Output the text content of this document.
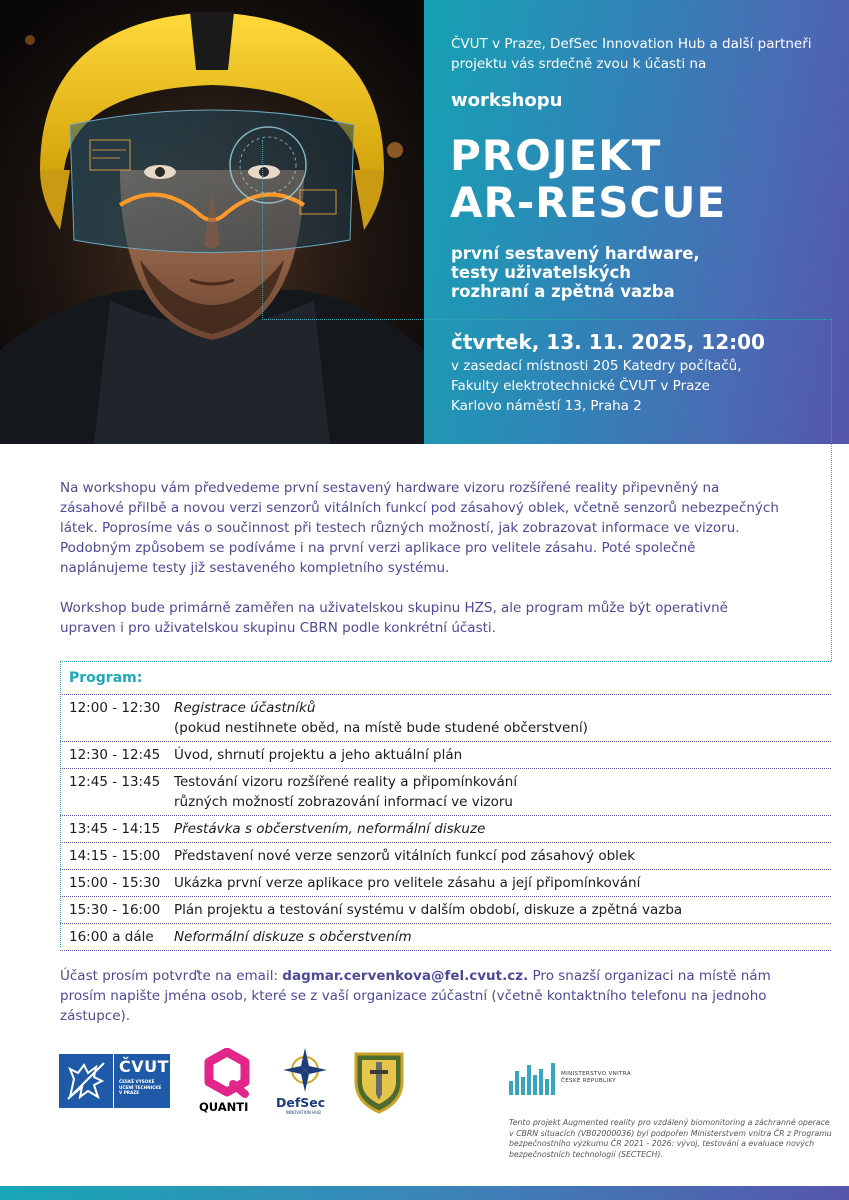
ČVUT v Praze, DefSec Innovation Hub a další partneři projektu vás srdečně zvou k účasti na
workshopu
PROJEKT
AR-RESCUE
první sestavený hardware,
testy uživatelských
rozhraní a zpětná vazba
čtvrtek, 13. 11. 2025, 12:00
v zasedací místnosti 205 Katedry počítačů,
Fakulty elektrotechnické ČVUT v Praze
Karlovo náměstí 13, Praha 2

Na workshopu vám předvedeme první sestavený hardware vizoru rozšířené reality připevněný na zásahové přilbě a novou verzi senzorů vitálních funkcí pod zásahový oblek, včetně senzorů nebezpečných látek. Poprosíme vás o součinnost při testech různých možností, jak zobrazovat informace ve vizoru. Podobným způsobem se podíváme i na první verzi aplikace pro velitele zásahu. Poté společně naplánujeme testy již sestaveného kompletního systému.

Workshop bude primárně zaměřen na uživatelskou skupinu HZS, ale program může být operativně upraven i pro uživatelskou skupinu CBRN podle konkrétní účasti.

Program:
12:00 - 12:30	Registrace účastníků
(pokud nestihnete oběd, na místě bude studené občerstvení)
12:30 - 12:45	Úvod, shrnutí projektu a jeho aktuální plán
12:45 - 13:45	Testování vizoru rozšířené reality a připomínkování
různých možností zobrazování informací ve vizoru
13:45 - 14:15	Přestávka s občerstvením, neformální diskuze
14:15 - 15:00	Představení nové verze senzorů vitálních funkcí pod zásahový oblek
15:00 - 15:30	Ukázka první verze aplikace pro velitele zásahu a její připomínkování
15:30 - 16:00	Plán projektu a testování systému v dalším období, diskuze a zpětná vazba
16:00 a dále	Neformální diskuze s občerstvením
Účast prosím potvrďte na email: dagmar.cervenkova@fel.cvut.cz. Pro snazší organizaci na místě nám prosím napište jména osob, které se z vaší organizace zúčastní (včetně kontaktního telefonu na jednoho zástupce).
ČVUT
ČESKÉ VYSOKÉ
UČENÍ TECHNICKÉ
V PRAZE
QUANTI DefSec
INNOVATION HUB
MINISTERSTVO VNITRA
ČESKÉ REPUBLIKY
Tento projekt Augmented reality pro vzdálený biomonitoring a záchranné operace v CBRN situacích (VB02000036) byl podpořen Ministerstvem vnitra ČR z Programu bezpečnostního výzkumu ČR 2021 - 2026: vývoj, testování a evaluace nových bezpečnostních technologií (SECTECH).
